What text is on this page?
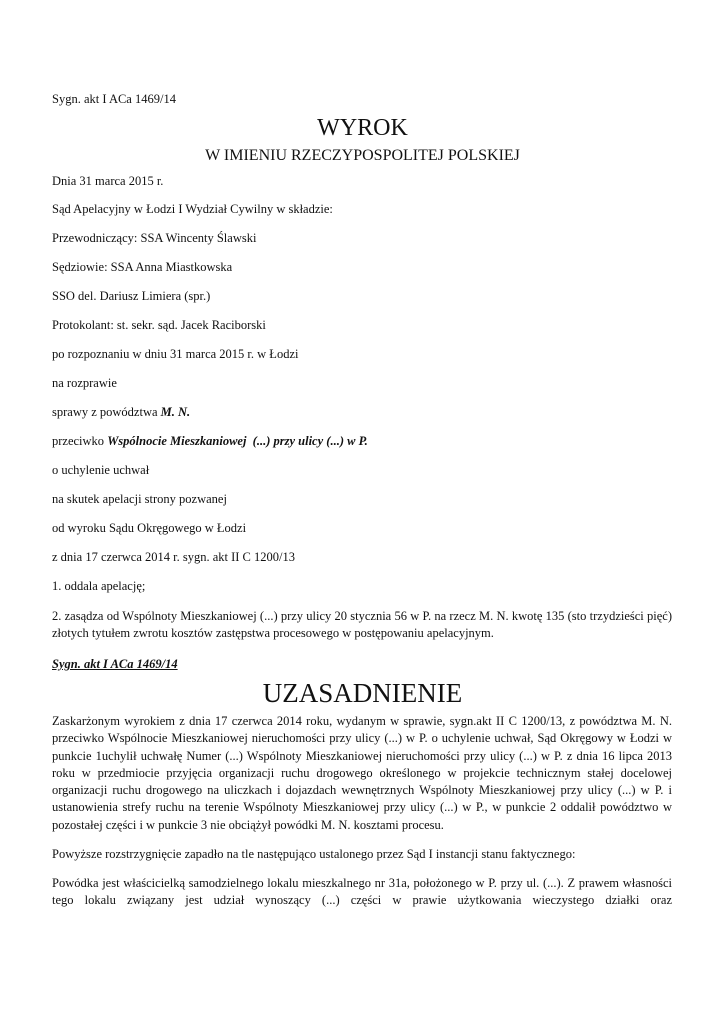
Sygn. akt I ACa 1469/14
WYROK
W IMIENIU RZECZYPOSPOLITEJ POLSKIEJ
Dnia 31 marca 2015 r.
Sąd Apelacyjny w Łodzi I Wydział Cywilny w składzie:
Przewodniczący: SSA Wincenty Ślawski
Sędziowie: SSA Anna Miastkowska
SSO del. Dariusz Limiera (spr.)
Protokolant: st. sekr. sąd. Jacek Raciborski
po rozpoznaniu w dniu 31 marca 2015 r. w Łodzi
na rozprawie
sprawy z powództwa M. N.
przeciwko Wspólnocie Mieszkaniowej  (...) przy ulicy (...) w P.
o uchylenie uchwał
na skutek apelacji strony pozwanej
od wyroku Sądu Okręgowego w Łodzi
z dnia 17 czerwca 2014 r. sygn. akt II C 1200/13
1. oddala apelację;
2. zasądza od Wspólnoty Mieszkaniowej (...) przy ulicy 20 stycznia 56 w P. na rzecz M. N. kwotę 135 (sto trzydzieści pięć) złotych tytułem zwrotu kosztów zastępstwa procesowego w postępowaniu apelacyjnym.
Sygn. akt I ACa 1469/14
UZASADNIENIE
Zaskarżonym wyrokiem z dnia 17 czerwca 2014 roku, wydanym w sprawie, sygn.akt II C 1200/13, z powództwa M. N. przeciwko Wspólnocie Mieszkaniowej nieruchomości przy ulicy (...) w P. o uchylenie uchwał, Sąd Okręgowy w Łodzi w punkcie 1uchylił uchwałę Numer (...) Wspólnoty Mieszkaniowej nieruchomości przy ulicy (...) w P. z dnia 16 lipca 2013 roku w przedmiocie przyjęcia organizacji ruchu drogowego określonego w projekcie technicznym stałej docelowej organizacji ruchu drogowego na uliczkach i dojazdach wewnętrznych Wspólnoty Mieszkaniowej przy ulicy (...) w P. i ustanowienia strefy ruchu na terenie Wspólnoty Mieszkaniowej przy ulicy (...) w P., w punkcie 2 oddalił powództwo w pozostałej części i w punkcie 3 nie obciążył powódki M. N. kosztami procesu.
Powyższe rozstrzygnięcie zapadło na tle następująco ustalonego przez Sąd I instancji stanu faktycznego:
Powódka jest właścicielką samodzielnego lokalu mieszkalnego nr 31a, położonego w P. przy ul. (...). Z prawem własności tego lokalu związany jest udział wynoszący (...) części w prawie użytkowania wieczystego działki oraz
